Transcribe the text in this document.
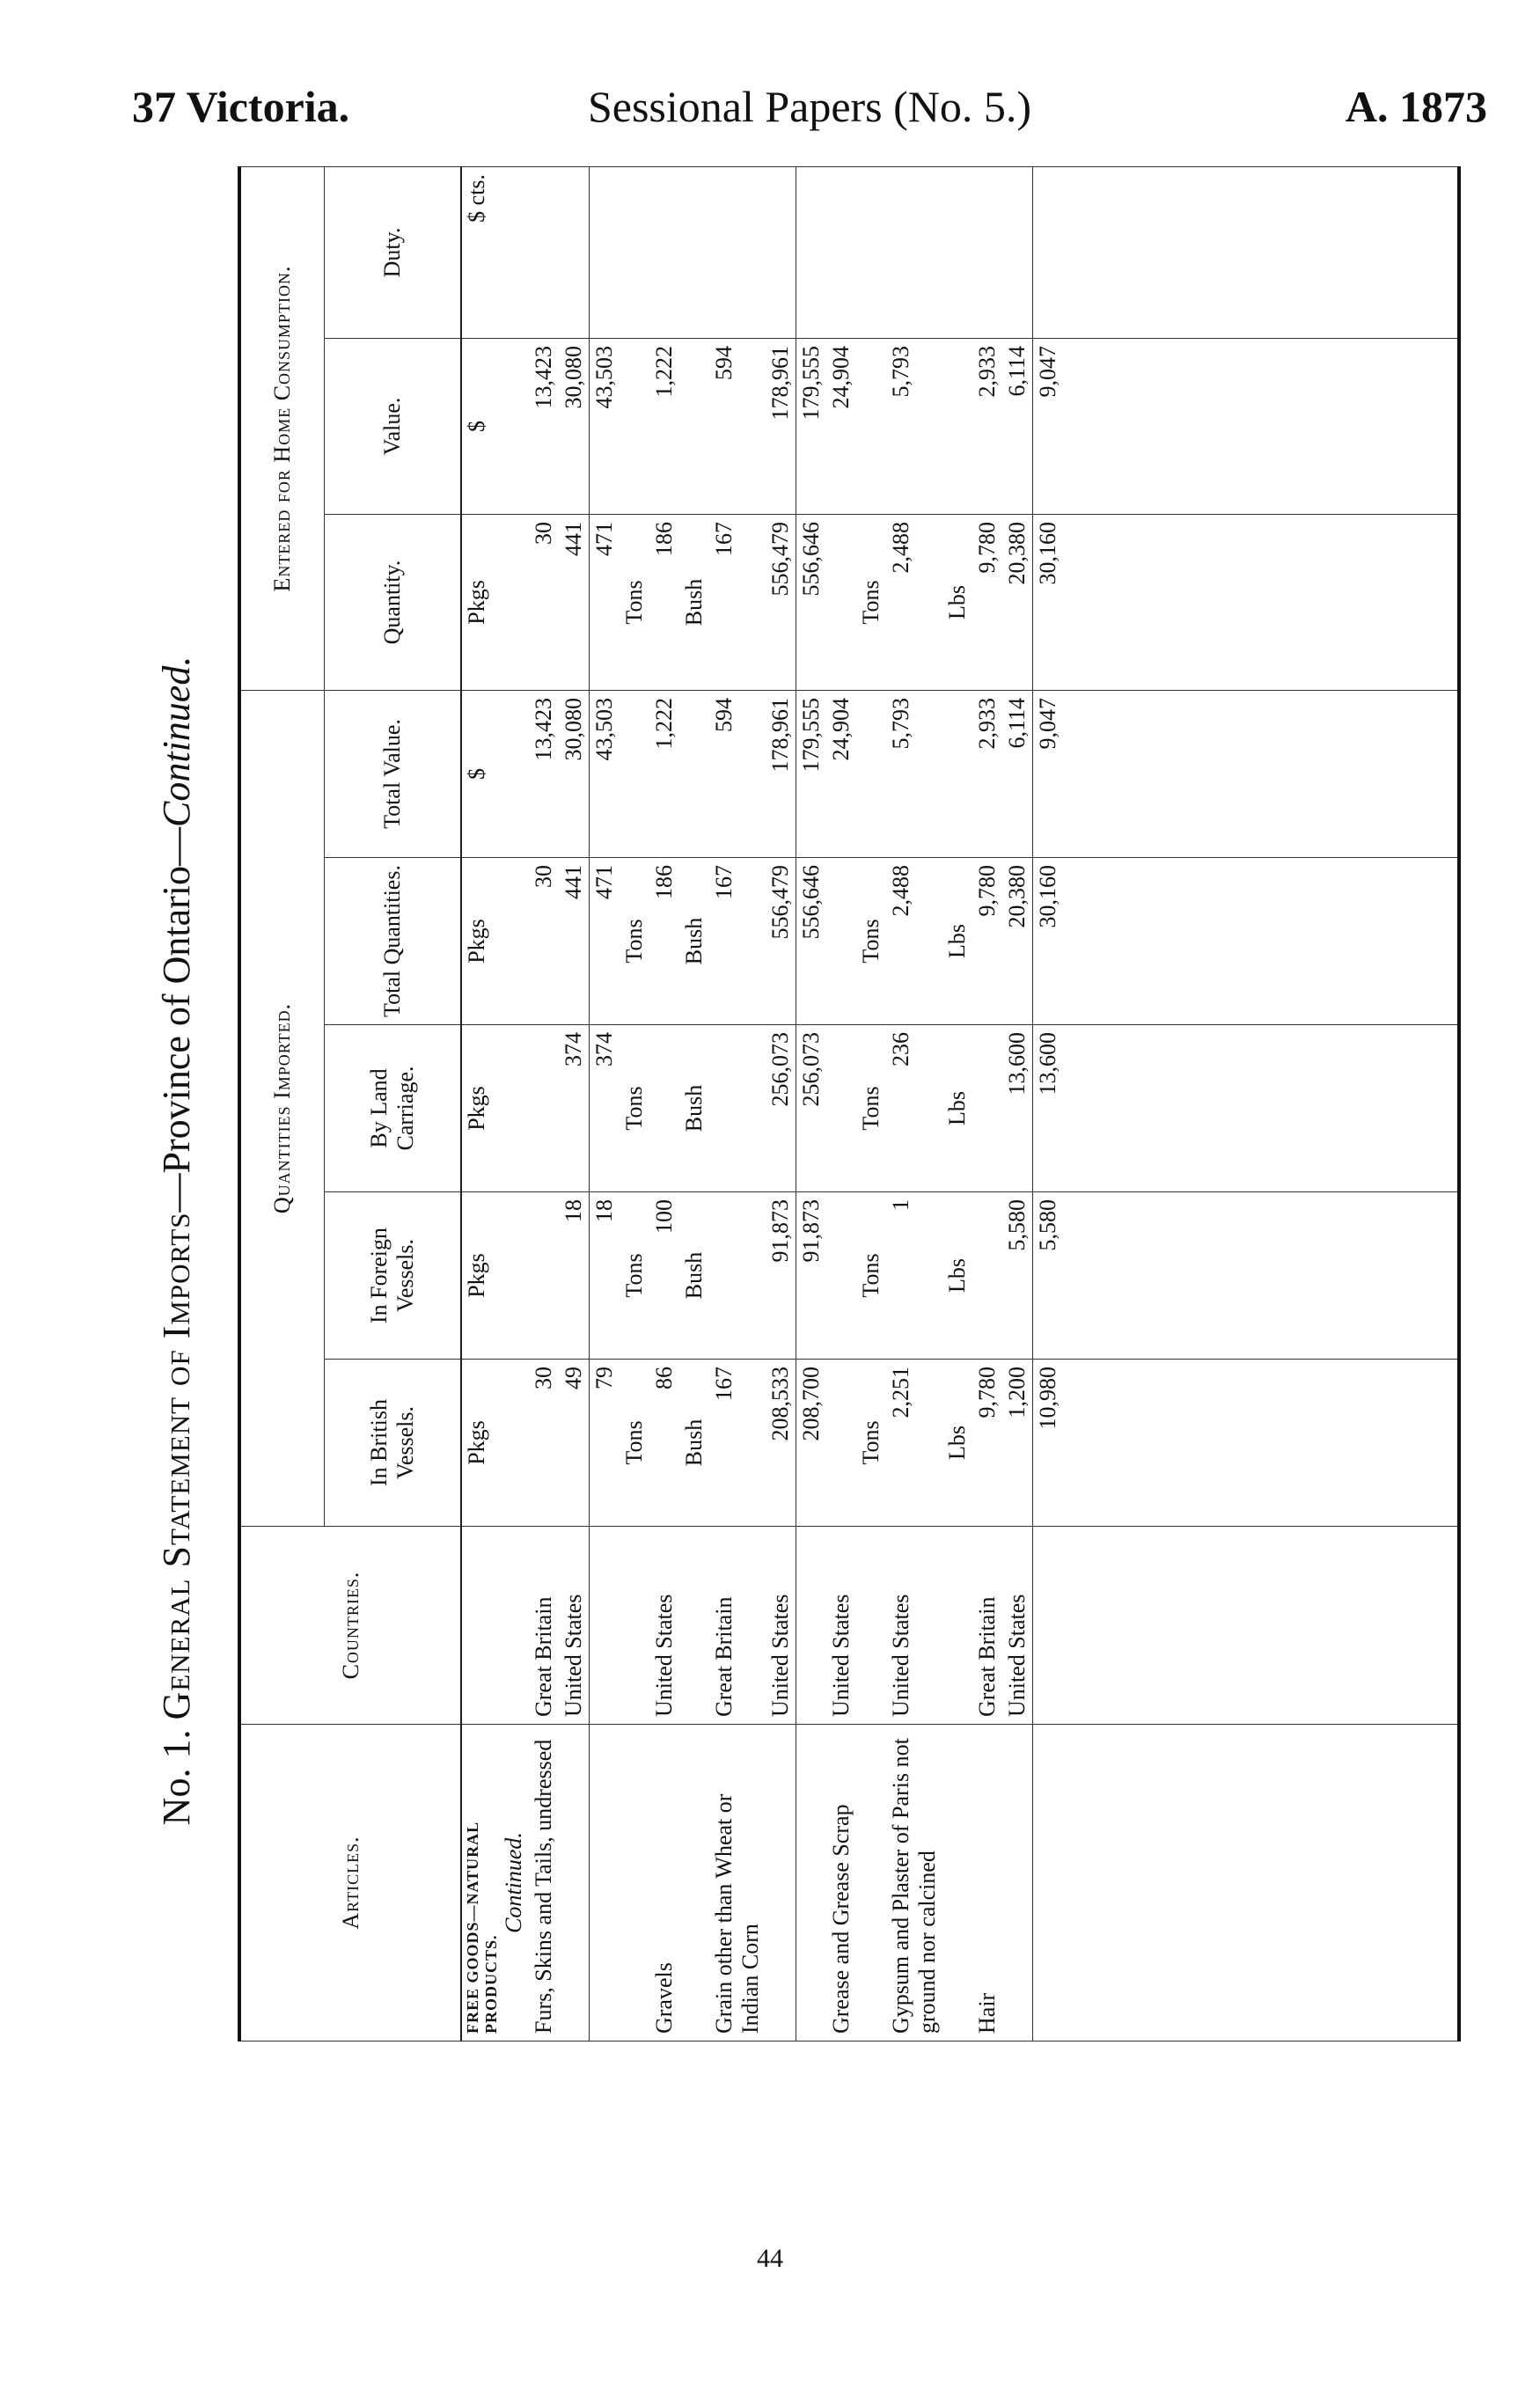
37 Victoria.	Sessional Papers (No. 5.)	A. 1873
No. 1. General Statement of Imports—Province of Ontario—Continued.
Articles.	Countries.	Quantities Imported.					Entered for Home Consumption.		
		In British Vessels.	In Foreign Vessels.	By Land Carriage.	Total Quantities.	Total Value.	Quantity.	Value.	Duty.

FREE GOODS—NATURAL PRODUCTS.
Continued.		Pkgs	Pkgs	Pkgs	Pkgs	$	Pkgs	$	$ cts.
Furs, Skins and Tails, undressed	Great Britain	30			30	13,423	30	13,423	
	United States	49	18	374	441	30,080	441	30,080	
		79	18	374	471	43,503	471	43,503	

		Tons	Tons	Tons	Tons		Tons		

Gravels	United States	86	100		186	1,222	186	1,222	

		Bush	Bush	Bush	Bush		Bush		

Grain other than Wheat or Indian Corn	Great Britain	167			167	594	167	594	
	United States	208,533	91,873	256,073	556,479	178,961	556,479	178,961	
		208,700	91,873	256,073	556,646	179,555	556,646	179,555	
Grease and Grease Scrap	United States					24,904		24,904	

		Tons	Tons	Tons	Tons		Tons		

Gypsum and Plaster of Paris not ground nor calcined	United States	2,251	1	236	2,488	5,793	2,488	5,793	

		Lbs	Lbs	Lbs	Lbs		Lbs		

Hair	Great Britain	9,780			9,780	2,933	9,780	2,933	
	United States	1,200	5,580	13,600	20,380	6,114	20,380	6,114	
		10,980	5,580	13,600	30,160	9,047	30,160	9,047	

44
